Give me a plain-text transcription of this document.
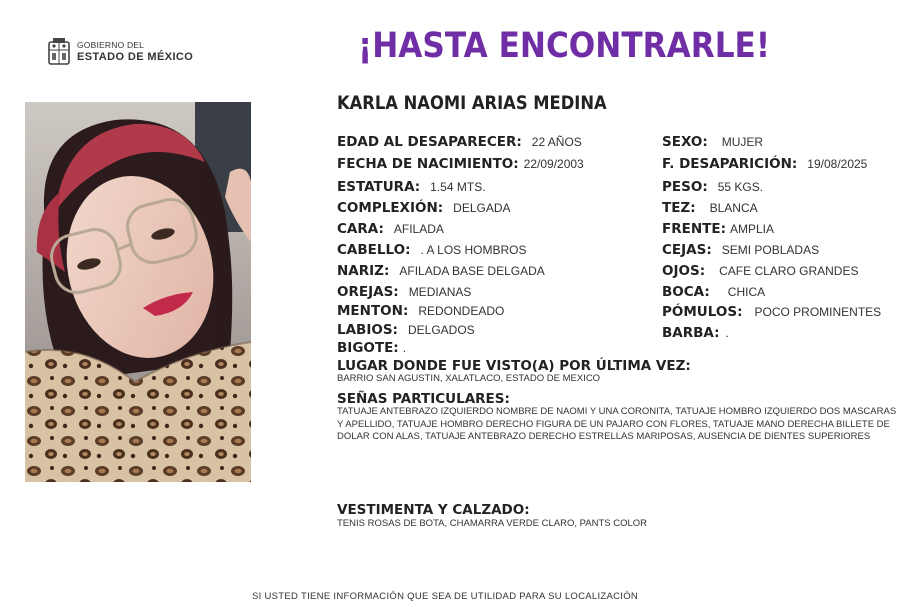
GOBIERNO DEL
ESTADO DE MÉXICO	¡HASTA ENCONTRARLE!
KARLA NAOMI ARIAS MEDINA
EDAD AL DESAPARECER: 22 AÑOS
FECHA DE NACIMIENTO: 22/09/2003
ESTATURA: 1.54 MTS.
COMPLEXIÓN: DELGADA
CARA: AFILADA
CABELLO: . A LOS HOMBROS
NARIZ: AFILADA BASE DELGADA
OREJAS: MEDIANAS
MENTON: REDONDEADO
LABIOS: DELGADOS
BIGOTE: .
SEXO: MUJER
F. DESAPARICIÓN: 19/08/2025
PESO: 55 KGS.
TEZ: BLANCA
FRENTE: AMPLIA
CEJAS: SEMI POBLADAS
OJOS: CAFE CLARO GRANDES
BOCA: CHICA
PÓMULOS: POCO PROMINENTES
BARBA: .
LUGAR DONDE FUE VISTO(A) POR ÚLTIMA VEZ:
BARRIO SAN AGUSTIN, XALATLACO, ESTADO DE MEXICO
SEÑAS PARTICULARES:
TATUAJE ANTEBRAZO IZQUIERDO NOMBRE DE NAOMI Y UNA CORONITA, TATUAJE HOMBRO IZQUIERDO DOS MASCARAS
Y APELLIDO, TATUAJE HOMBRO DERECHO FIGURA DE UN PAJARO CON FLORES, TATUAJE MANO DERECHA BILLETE DE
DOLAR CON ALAS, TATUAJE ANTEBRAZO DERECHO ESTRELLAS MARIPOSAS, AUSENCIA DE DIENTES SUPERIORES
VESTIMENTA Y CALZADO:
TENIS ROSAS DE BOTA, CHAMARRA VERDE CLARO, PANTS COLOR
SI USTED TIENE INFORMACIÓN QUE SEA DE UTILIDAD PARA SU LOCALIZACIÓN
